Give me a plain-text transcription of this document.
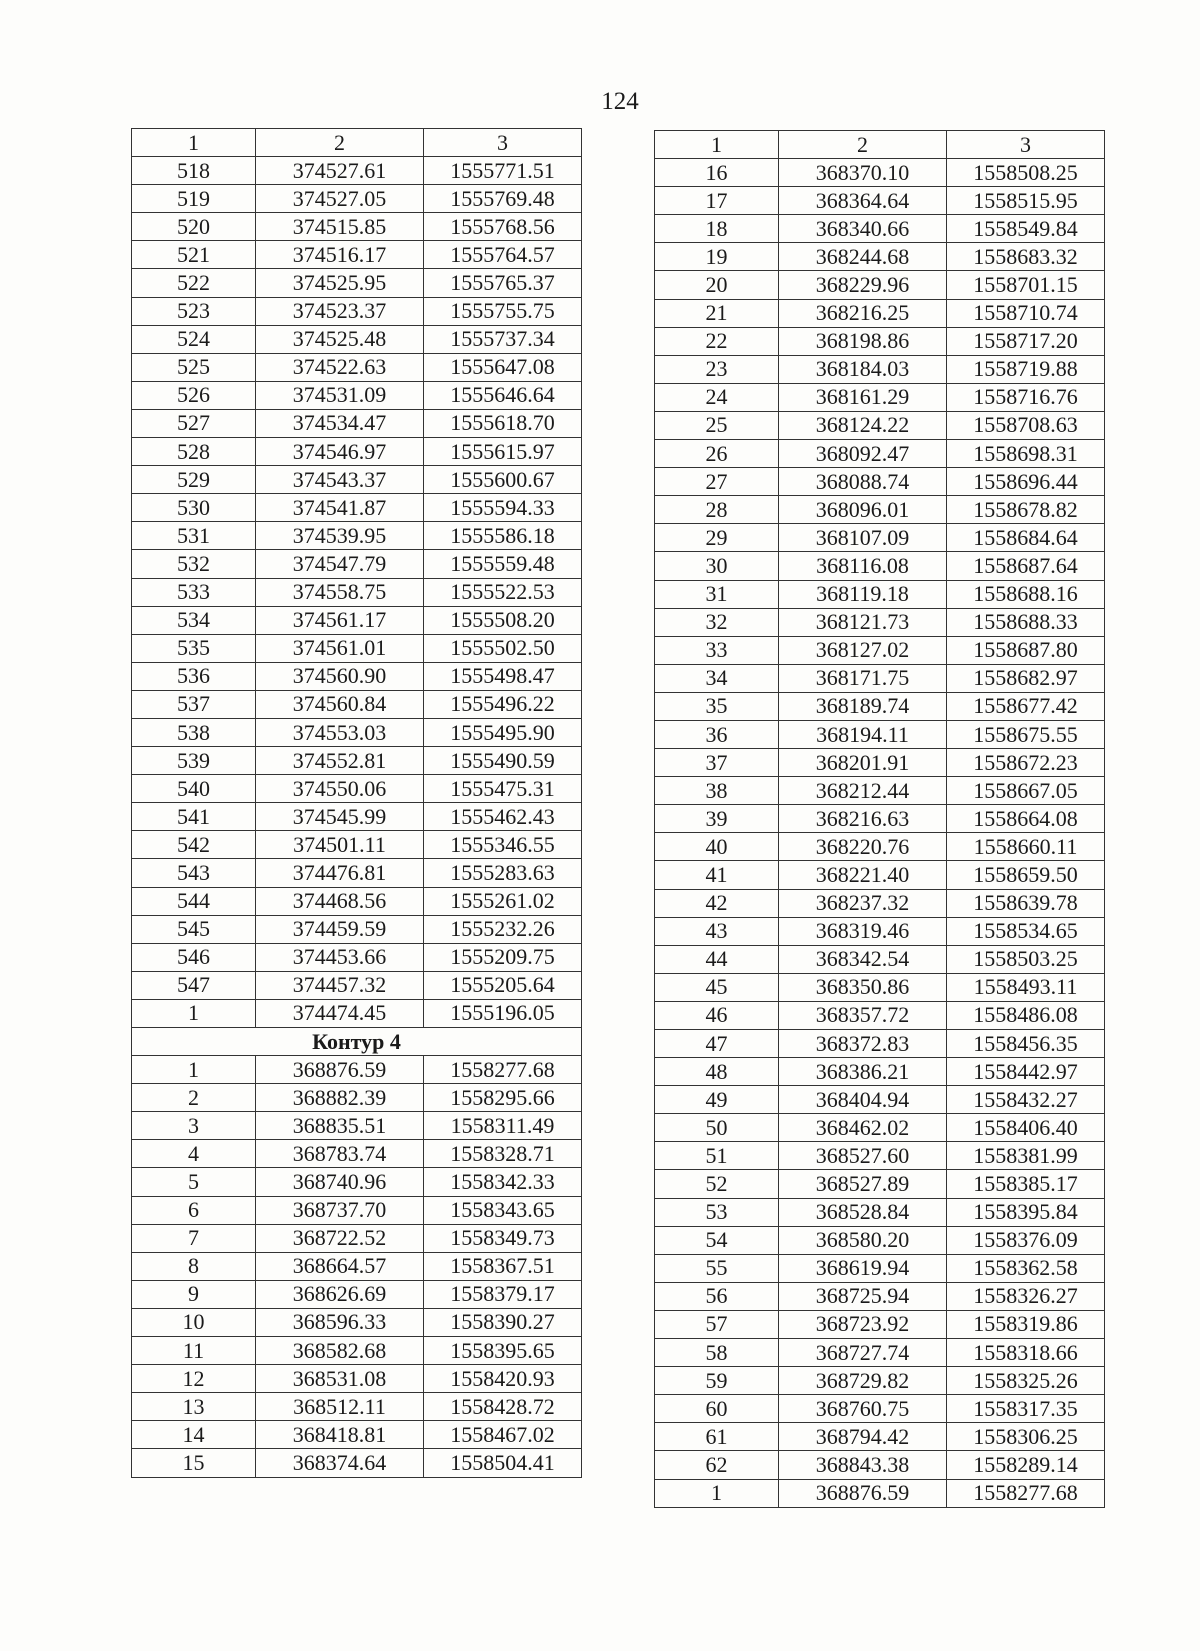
124
1	2	3
518	374527.61	1555771.51
519	374527.05	1555769.48
520	374515.85	1555768.56
521	374516.17	1555764.57
522	374525.95	1555765.37
523	374523.37	1555755.75
524	374525.48	1555737.34
525	374522.63	1555647.08
526	374531.09	1555646.64
527	374534.47	1555618.70
528	374546.97	1555615.97
529	374543.37	1555600.67
530	374541.87	1555594.33
531	374539.95	1555586.18
532	374547.79	1555559.48
533	374558.75	1555522.53
534	374561.17	1555508.20
535	374561.01	1555502.50
536	374560.90	1555498.47
537	374560.84	1555496.22
538	374553.03	1555495.90
539	374552.81	1555490.59
540	374550.06	1555475.31
541	374545.99	1555462.43
542	374501.11	1555346.55
543	374476.81	1555283.63
544	374468.56	1555261.02
545	374459.59	1555232.26
546	374453.66	1555209.75
547	374457.32	1555205.64
1	374474.45	1555196.05
Контур 4		
1	368876.59	1558277.68
2	368882.39	1558295.66
3	368835.51	1558311.49
4	368783.74	1558328.71
5	368740.96	1558342.33
6	368737.70	1558343.65
7	368722.52	1558349.73
8	368664.57	1558367.51
9	368626.69	1558379.17
10	368596.33	1558390.27
11	368582.68	1558395.65
12	368531.08	1558420.93
13	368512.11	1558428.72
14	368418.81	1558467.02
15	368374.64	1558504.41
1	2	3
16	368370.10	1558508.25
17	368364.64	1558515.95
18	368340.66	1558549.84
19	368244.68	1558683.32
20	368229.96	1558701.15
21	368216.25	1558710.74
22	368198.86	1558717.20
23	368184.03	1558719.88
24	368161.29	1558716.76
25	368124.22	1558708.63
26	368092.47	1558698.31
27	368088.74	1558696.44
28	368096.01	1558678.82
29	368107.09	1558684.64
30	368116.08	1558687.64
31	368119.18	1558688.16
32	368121.73	1558688.33
33	368127.02	1558687.80
34	368171.75	1558682.97
35	368189.74	1558677.42
36	368194.11	1558675.55
37	368201.91	1558672.23
38	368212.44	1558667.05
39	368216.63	1558664.08
40	368220.76	1558660.11
41	368221.40	1558659.50
42	368237.32	1558639.78
43	368319.46	1558534.65
44	368342.54	1558503.25
45	368350.86	1558493.11
46	368357.72	1558486.08
47	368372.83	1558456.35
48	368386.21	1558442.97
49	368404.94	1558432.27
50	368462.02	1558406.40
51	368527.60	1558381.99
52	368527.89	1558385.17
53	368528.84	1558395.84
54	368580.20	1558376.09
55	368619.94	1558362.58
56	368725.94	1558326.27
57	368723.92	1558319.86
58	368727.74	1558318.66
59	368729.82	1558325.26
60	368760.75	1558317.35
61	368794.42	1558306.25
62	368843.38	1558289.14
1	368876.59	1558277.68
